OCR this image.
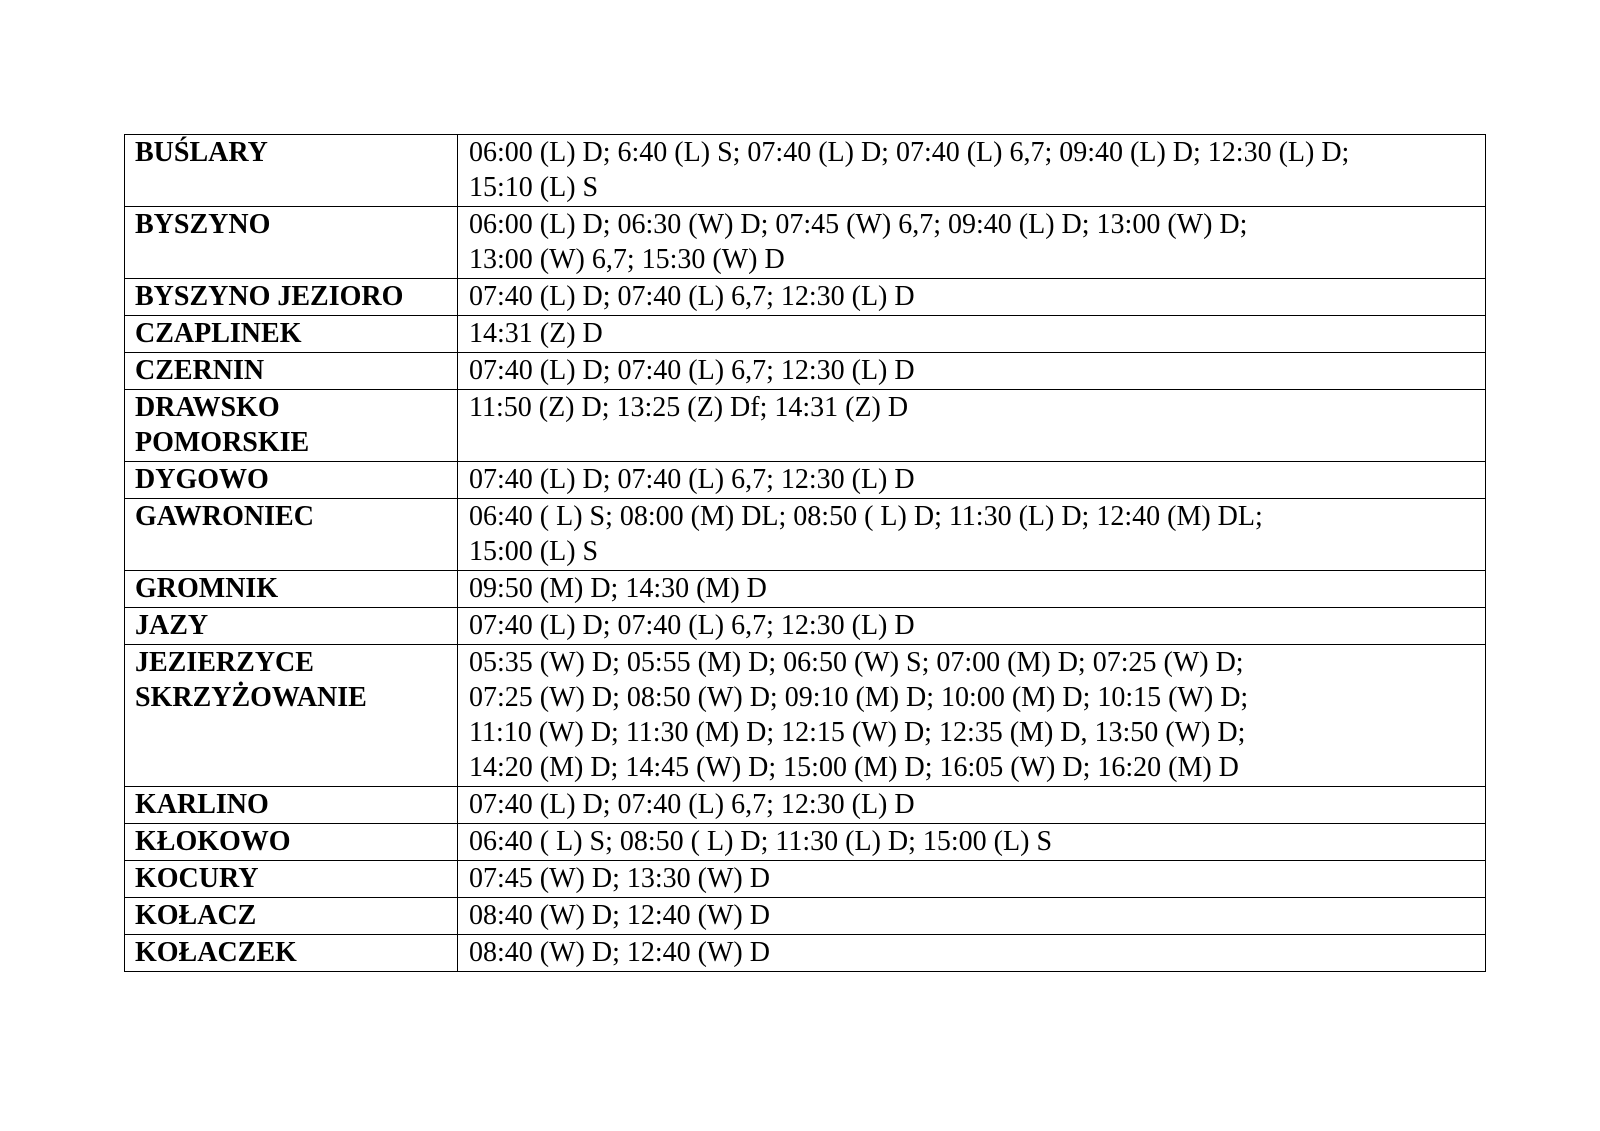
BUŚLARY	06:00 (L) D; 6:40 (L) S; 07:40 (L) D; 07:40 (L) 6,7; 09:40 (L) D; 12:30 (L) D;
15:10 (L) S

BYSZYNO	06:00 (L) D; 06:30 (W) D; 07:45 (W) 6,7; 09:40 (L) D; 13:00 (W) D;
13:00 (W) 6,7; 15:30 (W) D

BYSZYNO JEZIORO	07:40 (L) D; 07:40 (L) 6,7; 12:30 (L) D

CZAPLINEK	14:31 (Z) D

CZERNIN	07:40 (L) D; 07:40 (L) 6,7; 12:30 (L) D

DRAWSKO POMORSKIE	11:50 (Z) D; 13:25 (Z) Df; 14:31 (Z) D

DYGOWO	07:40 (L) D; 07:40 (L) 6,7; 12:30 (L) D

GAWRONIEC	06:40 ( L) S; 08:00 (M) DL; 08:50 ( L) D; 11:30 (L) D; 12:40 (M) DL;
15:00 (L) S

GROMNIK	09:50 (M) D; 14:30 (M) D

JAZY	07:40 (L) D; 07:40 (L) 6,7; 12:30 (L) D

JEZIERZYCE SKRZYŻOWANIE	05:35 (W) D; 05:55 (M) D; 06:50 (W) S; 07:00 (M) D; 07:25 (W) D;
07:25 (W) D; 08:50 (W) D; 09:10 (M) D; 10:00 (M) D; 10:15 (W) D;
11:10 (W) D; 11:30 (M) D; 12:15 (W) D; 12:35 (M) D, 13:50 (W) D;
14:20 (M) D; 14:45 (W) D; 15:00 (M) D; 16:05 (W) D; 16:20 (M) D

KARLINO	07:40 (L) D; 07:40 (L) 6,7; 12:30 (L) D

KŁOKOWO	06:40 ( L) S; 08:50 ( L) D; 11:30 (L) D; 15:00 (L) S

KOCURY	07:45 (W) D; 13:30 (W) D

KOŁACZ	08:40 (W) D; 12:40 (W) D

KOŁACZEK	08:40 (W) D; 12:40 (W) D
